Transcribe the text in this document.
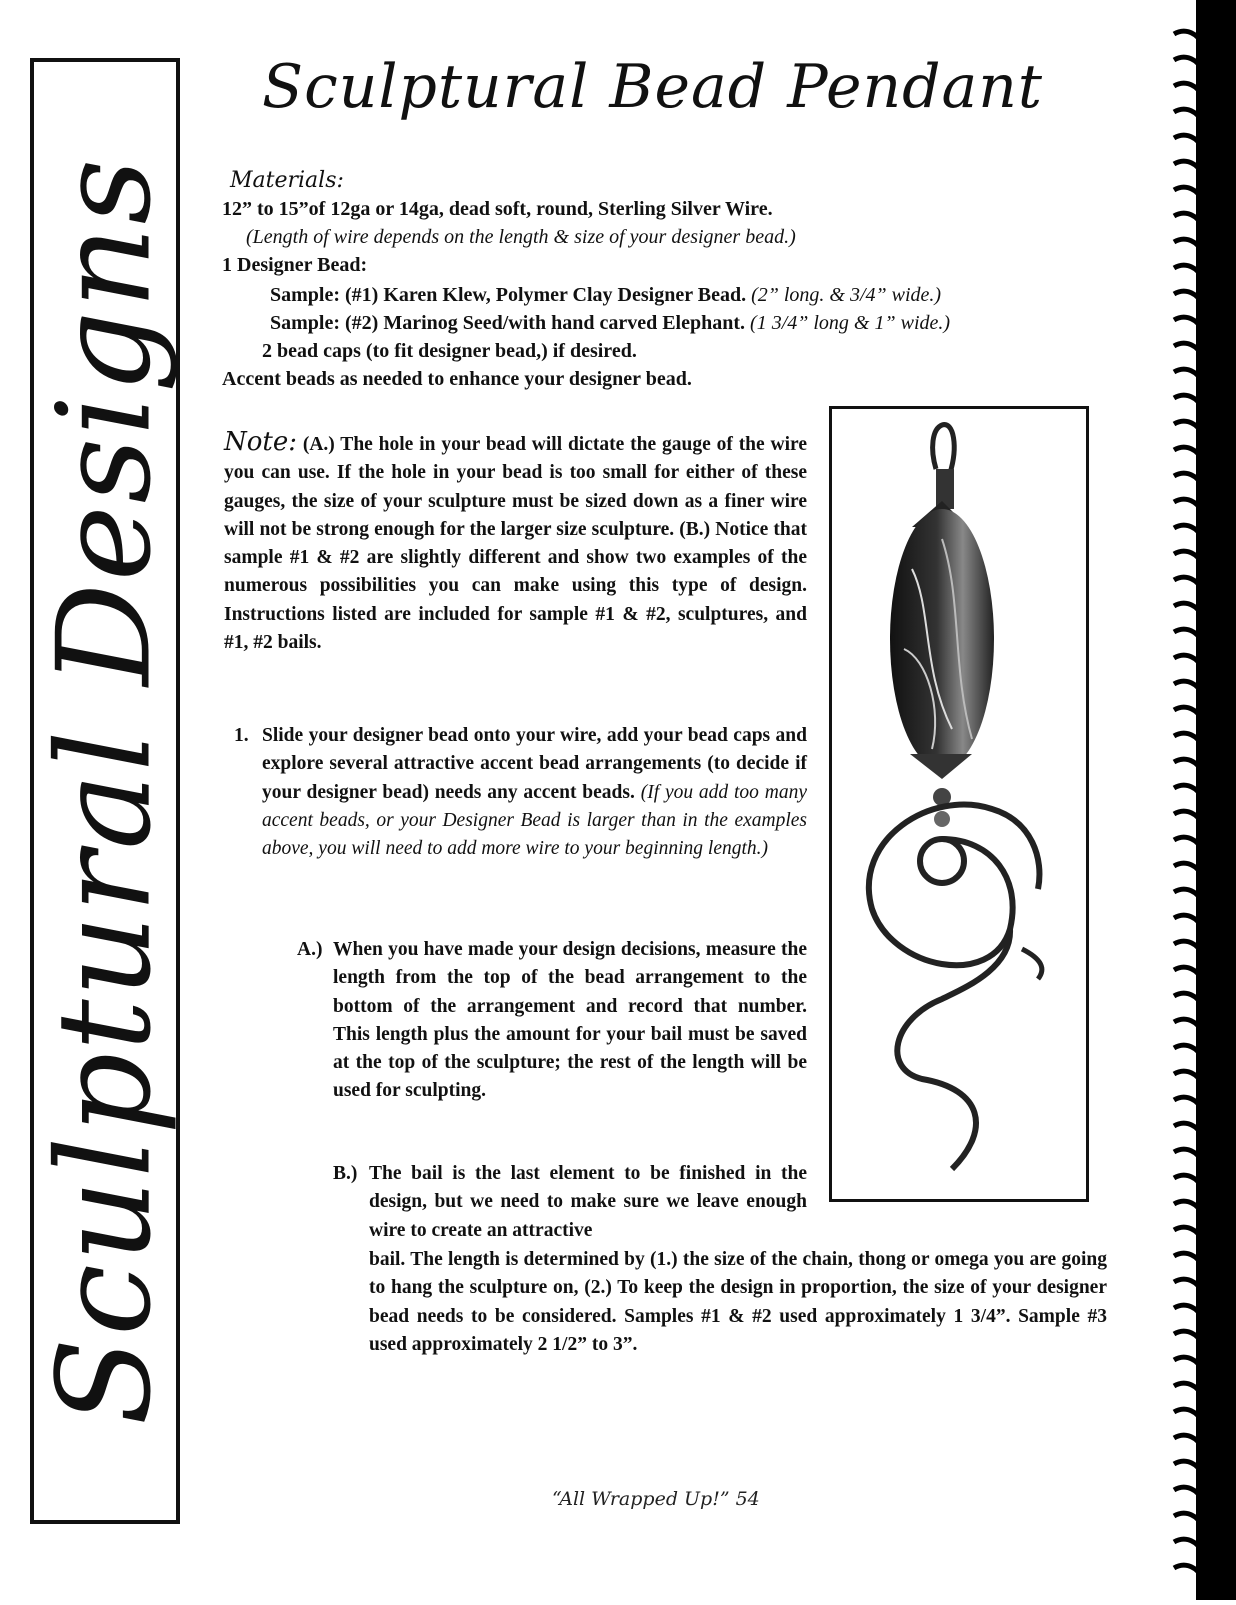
Sculptural Designs
Sculptural Bead Pendant
Materials:
12” to 15”of 12ga or 14ga, dead soft, round, Sterling Silver Wire.
(Length of wire depends on the length & size of your designer bead.)
1 Designer Bead:
Sample: (#1) Karen Klew, Polymer Clay Designer Bead. (2” long. & 3/4” wide.)
Sample: (#2) Marinog Seed/with hand carved Elephant. (1 3/4” long & 1” wide.)
2 bead caps (to fit designer bead,) if desired.
Accent beads as needed to enhance your designer bead.
Note: (A.) The hole in your bead will dictate the gauge of the wire you can use. If the hole in your bead is too small for either of these gauges, the size of your sculpture must be sized down as a finer wire will not be strong enough for the larger size sculpture. (B.) Notice that sample #1 & #2 are slightly different and show two examples of the numerous possibilities you can make using this type of design. Instructions listed are included for sample #1 & #2, sculptures, and #1, #2 bails.
1. Slide your designer bead onto your wire, add your bead caps and explore several attractive accent bead arrangements (to decide if your designer bead) needs any accent beads. (If you add too many accent beads, or your Designer Bead is larger than in the examples above, you will need to add more wire to your beginning length.)
A.) When you have made your design decisions, measure the length from the top of the bead arrangement to the bottom of the arrangement and record that number. This length plus the amount for your bail must be saved at the top of the sculpture; the rest of the length will be used for sculpting.
B.) The bail is the last element to be finished in the design, but we need to make sure we leave enough wire to create an attractive
bail. The length is determined by (1.) the size of the chain, thong or omega you are going to hang the sculpture on, (2.) To keep the design in proportion, the size of your designer bead needs to be considered. Samples #1 & #2 used approximately 1 3/4”. Sample #3 used approximately 2 1/2” to 3”.
“All Wrapped Up!” 54
